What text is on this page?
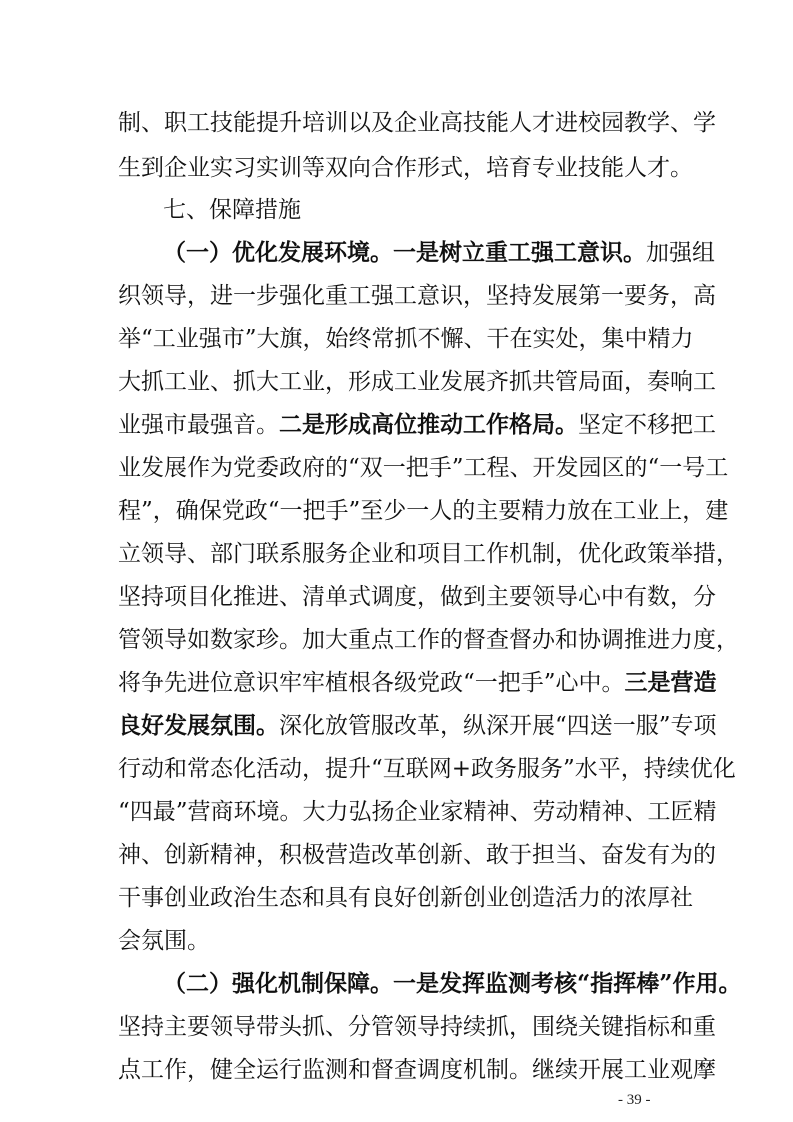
制、职工技能提升培训以及企业高技能人才进校园教学、学
生到企业实习实训等双向合作形式，培育专业技能人才。
七、保障措施
（一）优化发展环境。一是树立重工强工意识。加强组
织领导，进一步强化重工强工意识，坚持发展第一要务，高
举“工业强市”大旗，始终常抓不懈、干在实处，集中精力
大抓工业、抓大工业，形成工业发展齐抓共管局面，奏响工
业强市最强音。二是形成高位推动工作格局。坚定不移把工
业发展作为党委政府的“双一把手”工程、开发园区的“一号工
程”，确保党政“一把手”至少一人的主要精力放在工业上，建
立领导、部门联系服务企业和项目工作机制，优化政策举措，
坚持项目化推进、清单式调度，做到主要领导心中有数，分
管领导如数家珍。加大重点工作的督查督办和协调推进力度，
将争先进位意识牢牢植根各级党政“一把手”心中。三是营造
良好发展氛围。深化放管服改革，纵深开展“四送一服”专项
行动和常态化活动，提升“互联网+政务服务”水平，持续优化
“四最”营商环境。大力弘扬企业家精神、劳动精神、工匠精
神、创新精神，积极营造改革创新、敢于担当、奋发有为的
干事创业政治生态和具有良好创新创业创造活力的浓厚社
会氛围。
（二）强化机制保障。一是发挥监测考核“指挥棒”作用。
坚持主要领导带头抓、分管领导持续抓，围绕关键指标和重
点工作，健全运行监测和督查调度机制。继续开展工业观摩
- 39 -
